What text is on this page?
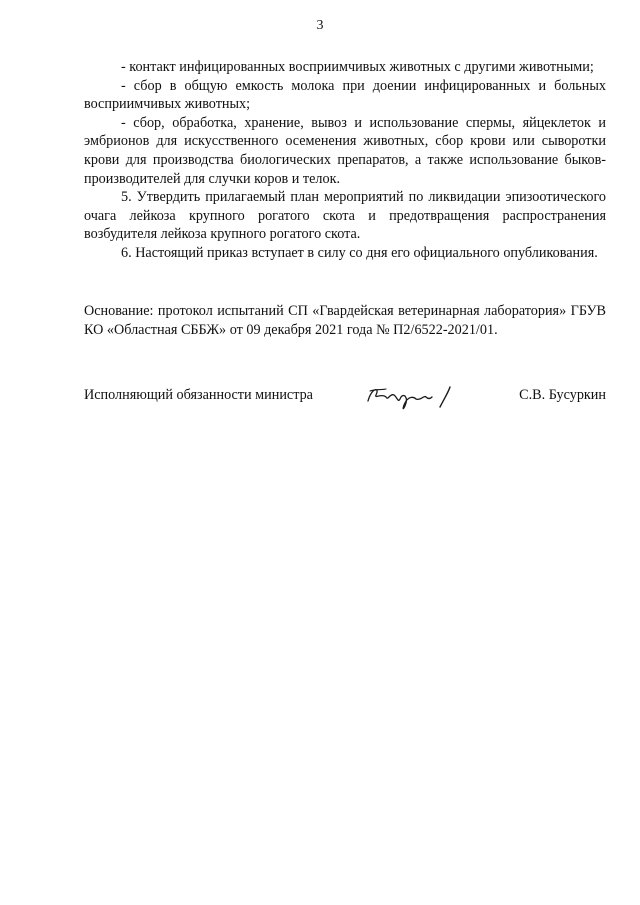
3

- контакт инфицированных восприимчивых животных с другими животными;

- сбор в общую емкость молока при доении инфицированных и больных восприимчивых животных;

- сбор, обработка, хранение, вывоз и использование спермы, яйцеклеток и эмбрионов для искусственного осеменения животных, сбор крови или сыворотки крови для производства биологических препаратов, а также использование быков-производителей для случки коров и телок.

5. Утвердить прилагаемый план мероприятий по ликвидации эпизоотического очага лейкоза крупного рогатого скота и предотвращения распространения возбудителя лейкоза крупного рогатого скота.

6. Настоящий приказ вступает в силу со дня его официального опубликования.

Основание: протокол испытаний СП «Гвардейская ветеринарная лаборатория» ГБУВ КО «Областная СББЖ» от 09 декабря 2021 года № П2/6522-2021/01.

Исполняющий обязанности министра	С.В. Бусуркин
